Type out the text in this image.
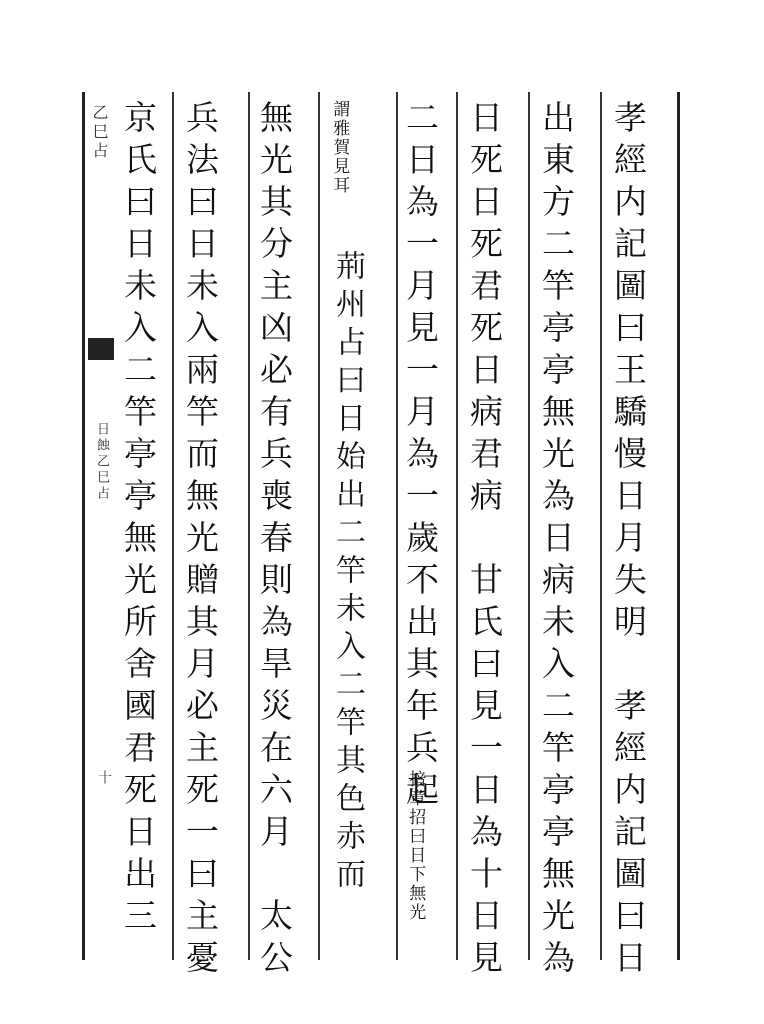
乙巳占
日蝕乙巳占
十	孝經内記圖曰王驕慢日月失明　孝經内記圖曰日
出東方二竿亭亭無光為日病未入二竿亭亭無光為
日死日死君死日病君病　甘氏曰見一日為十日見
二日為一月見一月為一歲不出其年兵起
揞章招曰日下無光
謂雅賀見耳
荊州占曰日始出二竿未入二竿其色赤而
無光其分主凶必有兵喪春則為旱災在六月　太公
兵法曰日未入兩竿而無光贈其月必主死一曰主憂
京氏曰日未入二竿亭亭無光所舍國君死日出三
